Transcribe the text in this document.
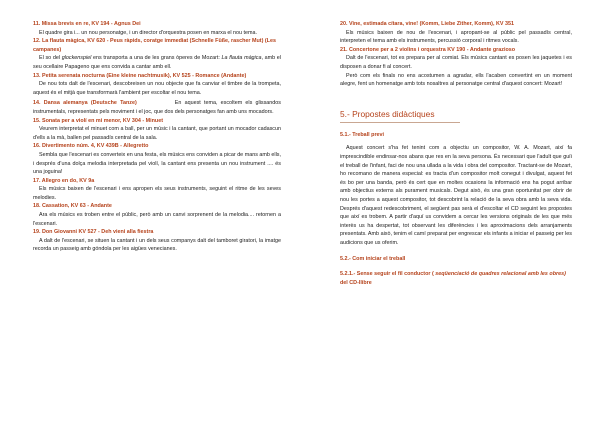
11. Missa brevis en re, KV 194 - Agnus Dei
El quadre gira i... un nou personatge, i un director d'orquestra posen en marxa el nou tema.
12. La flauta màgica, KV 620 - Peus ràpids, coratge immediat (Schnelle Füße, rascher Mut) (Les campanes)
El so del glockenspiel ens transporta a una de les grans òperes de Mozart: La flauta màgica, amb el seu ocellaire Papageno que ens convida a cantar amb ell.
13. Petita serenata nocturna (Eine kleine nachtmusik), KV 525 - Romance (Andante)
De nou tots dalt de l'escenari, descobreixen un nou objecte que fa canviar el timbre de la trompeta, aquest és el mitjà que transformarà l'ambient per escoltar el nou tema.
14. Dansa alemanya (Deutsche Tanze)	En aquest tema, escoltem els glissandos instrumentals, representats pels moviment i el joc, que dos dels personatges fan amb uns mocadors.
15. Sonata per a violí en mi menor, KV 304 - Minuet
Veurem interpretat el minuet com a ball, per un músic i la cantant, que portant un mocador cadascun d'ells a la mà, ballen pel passadís central de la sala.
16. Divertimento núm. 4, KV 439B - Allegretto
Sembla que l'escenari es converteix en una festa, els músics ens conviden a picar de mans amb ells, i després d'una dolça melodia interpretada pel violí, la cantant ens presenta un nou instrument .... és una joguina!
17. Allegro en do, KV 9a
Els músics baixen de l'escenari i ens apropen els seus instruments, seguint el ritme de les seves melodies.
18. Cassation, KV 63 - Andante
Ara els músics es troben entre el públic, però amb un canvi sorprenent de la melodia.... retornen a l'escenari.
19. Don Giovanni KV 527 - Deh vieni alla fiestra
A dalt de l'escenari, se situen la cantant i un dels seus companys dalt del tamboret giratori, la imatge recorda un passeig amb góndola per les aigües venecianes.
20. Vine, estimada cítara, vine! (Komm, Liebe Zither, Komm), KV 351
Els músics baixen de nou de l'escenari, i apropant-se al públic pel passadís central, interpreten el tema amb els instruments, percussió corporal i ritmes vocals.
21. Concertone per a 2 violins i orquestra KV 190 - Andante grazioso
Dalt de l'escenari, tot es prepara per al comiat. Els músics cantant es posen les jaquetes i es disposen a donar fi al concert.
Però com els finals no ens acostumen a agradar, ells l'acaben convertint en un moment alegre, fent un homenatge amb tots nosaltres al personatge central d'aquest concert: Mozart!
5.- Propostes didàctiques
5.1.- Treball previ
Aquest concert s'ha fet tenint com a objectiu un compositor, W. A. Mozart, així fa imprescindible endinsar-nos abans que res en la seva persona. És necessari que l'adult que guiï el treball de l'infant, faci de nou una ullada a la vida i obra del compositor. Tractant-se de Mozart, ho recomano de manera especial: es tracta d'un compositor molt conegut i divulgat, aquest fet és bo per una banda, però és cert que en moltes ocasions la informació ens ha pogut arribar amb objectius externs als purament musicals. Degut això, és una gran oportunitat per obrir de nou les portes a aquest compositor, tot descobrint la relació de la seva obra amb la seva vida. Després d'aquest redescobriment, el següent pas serà el d'escoltar el CD seguint les propostes que així es trobem. A partir d'aquí us convidem a cercar les versions originals de les que més interès us ha despertat, tot observant les diferències i les aproximacions dels arranjaments presentats. Amb això, tenim el camí preparat per engrescar els infants a iniciar el passeig per les audicions que us oferim.
5.2.- Com iniciar el treball
5.2.1.- Sense seguir el fil conductor ( seqüenciació de quadres relacional amb les obres) del CD-llibre
